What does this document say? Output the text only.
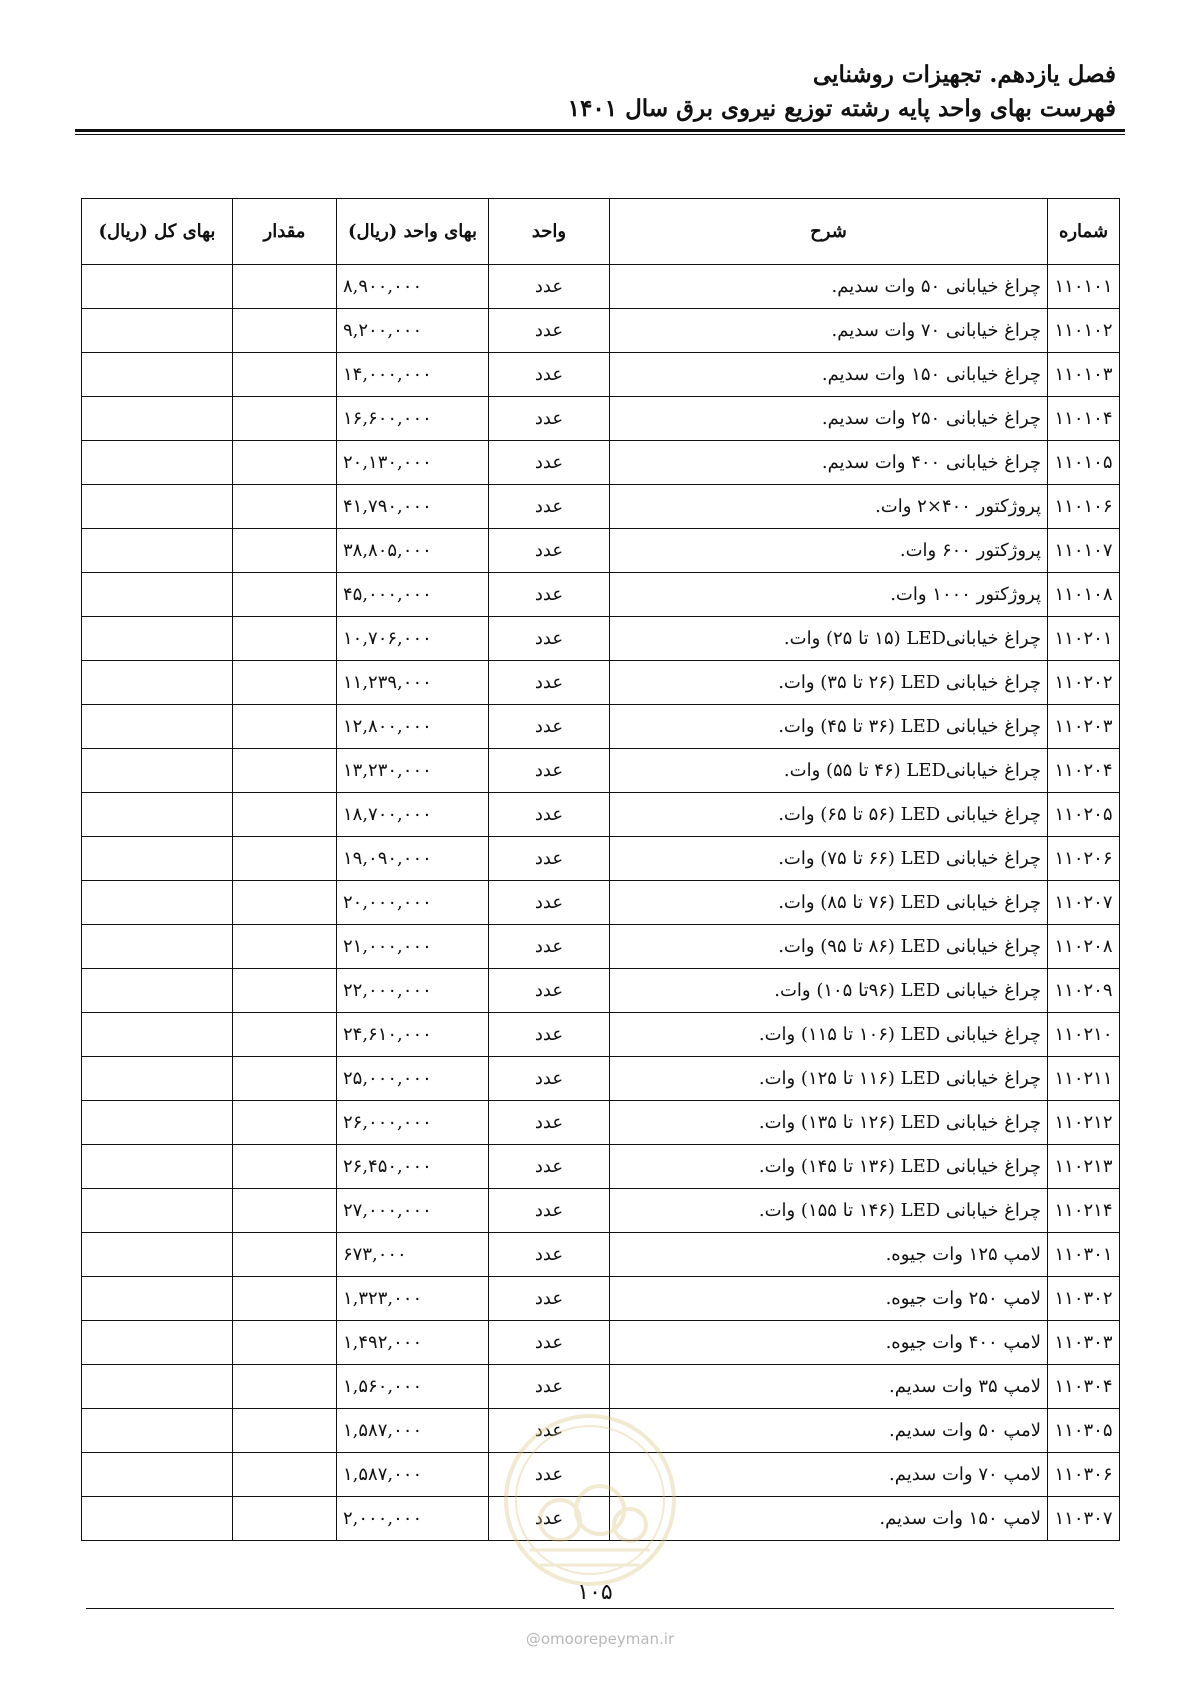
فصل یازدهم. تجهیزات روشنایی
فهرست بهای واحد پایه رشته توزیع نیروی برق سال ۱۴۰۱
شماره	شرح	واحد	بهای واحد (ریال)	مقدار	بهای کل (ریال)
۱۱۰۱۰۱	چراغ خیابانی ۵۰ وات سدیم.	عدد	۸,۹۰۰,۰۰۰		
۱۱۰۱۰۲	چراغ خیابانی ۷۰ وات سدیم.	عدد	۹,۲۰۰,۰۰۰		
۱۱۰۱۰۳	چراغ خیابانی ۱۵۰ وات سدیم.	عدد	۱۴,۰۰۰,۰۰۰		
۱۱۰۱۰۴	چراغ خیابانی ۲۵۰ وات سدیم.	عدد	۱۶,۶۰۰,۰۰۰		
۱۱۰۱۰۵	چراغ خیابانی ۴۰۰ وات سدیم.	عدد	۲۰,۱۳۰,۰۰۰		
۱۱۰۱۰۶	پروژکتور ۴۰۰×۲ وات.	عدد	۴۱,۷۹۰,۰۰۰		
۱۱۰۱۰۷	پروژکتور ۶۰۰ وات.	عدد	۳۸,۸۰۵,۰۰۰		
۱۱۰۱۰۸	پروژکتور ۱۰۰۰ وات.	عدد	۴۵,۰۰۰,۰۰۰		
۱۱۰۲۰۱	چراغ خیابانیLED (۱۵ تا ۲۵) وات.	عدد	۱۰,۷۰۶,۰۰۰		
۱۱۰۲۰۲	چراغ خیابانی LED (۲۶ تا ۳۵) وات.	عدد	۱۱,۲۳۹,۰۰۰		
۱۱۰۲۰۳	چراغ خیابانی LED (۳۶ تا ۴۵) وات.	عدد	۱۲,۸۰۰,۰۰۰		
۱۱۰۲۰۴	چراغ خیابانیLED (۴۶ تا ۵۵) وات.	عدد	۱۳,۲۳۰,۰۰۰		
۱۱۰۲۰۵	چراغ خیابانی LED (۵۶ تا ۶۵) وات.	عدد	۱۸,۷۰۰,۰۰۰		
۱۱۰۲۰۶	چراغ خیابانی LED (۶۶ تا ۷۵) وات.	عدد	۱۹,۰۹۰,۰۰۰		
۱۱۰۲۰۷	چراغ خیابانی LED (۷۶ تا ۸۵) وات.	عدد	۲۰,۰۰۰,۰۰۰		
۱۱۰۲۰۸	چراغ خیابانی LED (۸۶ تا ۹۵) وات.	عدد	۲۱,۰۰۰,۰۰۰		
۱۱۰۲۰۹	چراغ خیابانی LED (۹۶تا ۱۰۵) وات.	عدد	۲۲,۰۰۰,۰۰۰		
۱۱۰۲۱۰	چراغ خیابانی LED (۱۰۶ تا ۱۱۵) وات.	عدد	۲۴,۶۱۰,۰۰۰		
۱۱۰۲۱۱	چراغ خیابانی LED (۱۱۶ تا ۱۲۵) وات.	عدد	۲۵,۰۰۰,۰۰۰		
۱۱۰۲۱۲	چراغ خیابانی LED (۱۲۶ تا ۱۳۵) وات.	عدد	۲۶,۰۰۰,۰۰۰		
۱۱۰۲۱۳	چراغ خیابانی LED (۱۳۶ تا ۱۴۵) وات.	عدد	۲۶,۴۵۰,۰۰۰		
۱۱۰۲۱۴	چراغ خیابانی LED (۱۴۶ تا ۱۵۵) وات.	عدد	۲۷,۰۰۰,۰۰۰		
۱۱۰۳۰۱	لامپ ۱۲۵ وات جیوه.	عدد	۶۷۳,۰۰۰		
۱۱۰۳۰۲	لامپ ۲۵۰ وات جیوه.	عدد	۱,۳۲۳,۰۰۰		
۱۱۰۳۰۳	لامپ ۴۰۰ وات جیوه.	عدد	۱,۴۹۲,۰۰۰		
۱۱۰۳۰۴	لامپ ۳۵ وات سدیم.	عدد	۱,۵۶۰,۰۰۰		
۱۱۰۳۰۵	لامپ ۵۰ وات سدیم.	عدد	۱,۵۸۷,۰۰۰		
۱۱۰۳۰۶	لامپ ۷۰ وات سدیم.	عدد	۱,۵۸۷,۰۰۰		
۱۱۰۳۰۷	لامپ ۱۵۰ وات سدیم.	عدد	۲,۰۰۰,۰۰۰		
۱۰۵
@omoorepeyman.ir
